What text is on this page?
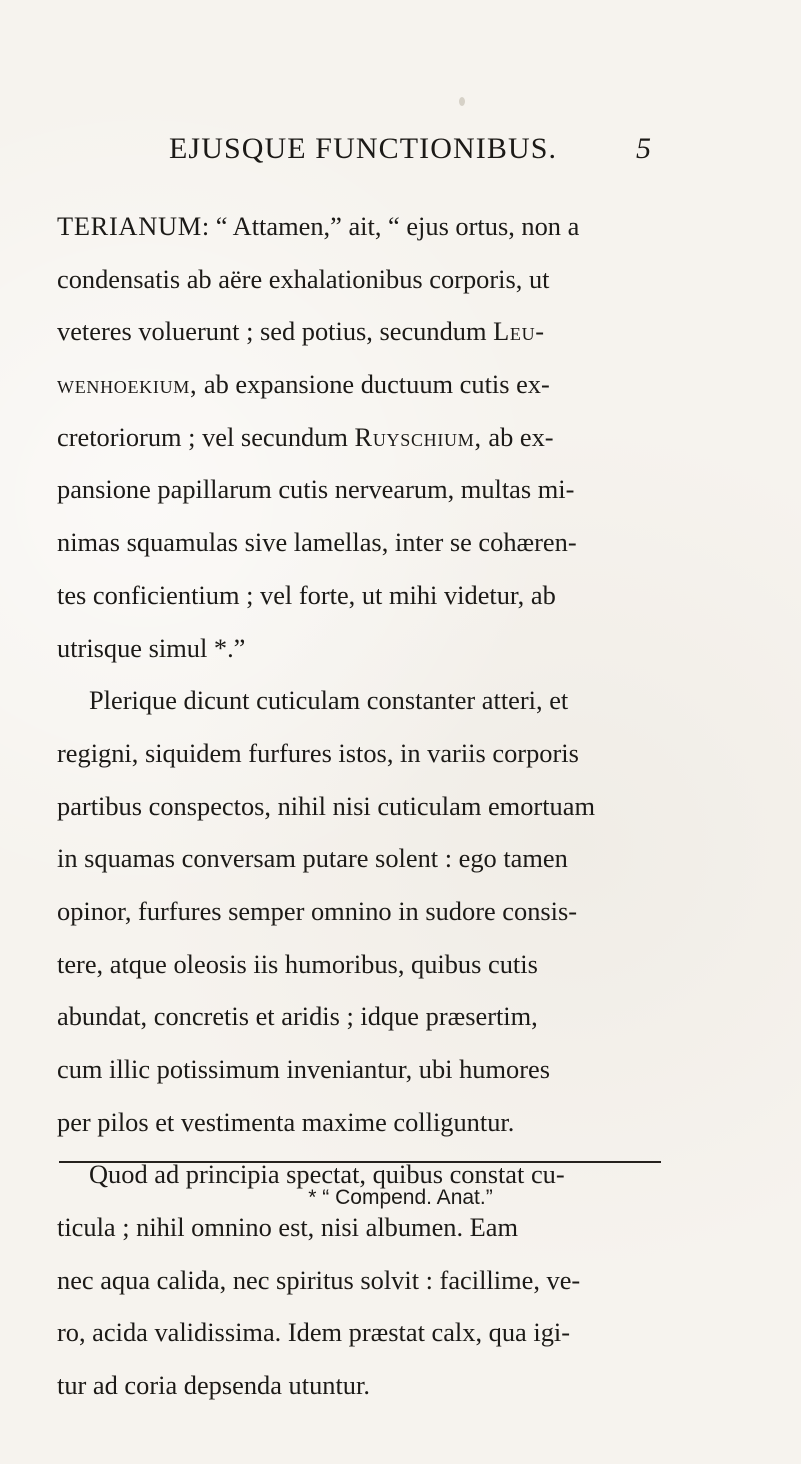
EJUSQUE FUNCTIONIBUS.	5
TERIANUM: “ Attamen,” ait, “ ejus ortus, non a
condensatis ab aëre exhalationibus corporis, ut
veteres voluerunt ; sed potius, secundum Leu-
wenhoekium, ab expansione ductuum cutis ex-
cretoriorum ; vel secundum Ruyschium, ab ex-
pansione papillarum cutis nervearum, multas mi-
nimas squamulas sive lamellas, inter se cohæren-
tes conficientium ; vel forte, ut mihi videtur, ab
utrisque simul *.”
Plerique dicunt cuticulam constanter atteri, et
regigni, siquidem furfures istos, in variis corporis
partibus conspectos, nihil nisi cuticulam emortuam
in squamas conversam putare solent : ego tamen
opinor, furfures semper omnino in sudore consis-
tere, atque oleosis iis humoribus, quibus cutis
abundat, concretis et aridis ; idque præsertim,
cum illic potissimum inveniantur, ubi humores
per pilos et vestimenta maxime colliguntur.
Quod ad principia spectat, quibus constat cu-
ticula ; nihil omnino est, nisi albumen. Eam
nec aqua calida, nec spiritus solvit : facillime, ve-
ro, acida validissima. Idem præstat calx, qua igi-
tur ad coria depsenda utuntur.
* “ Compend. Anat.”
